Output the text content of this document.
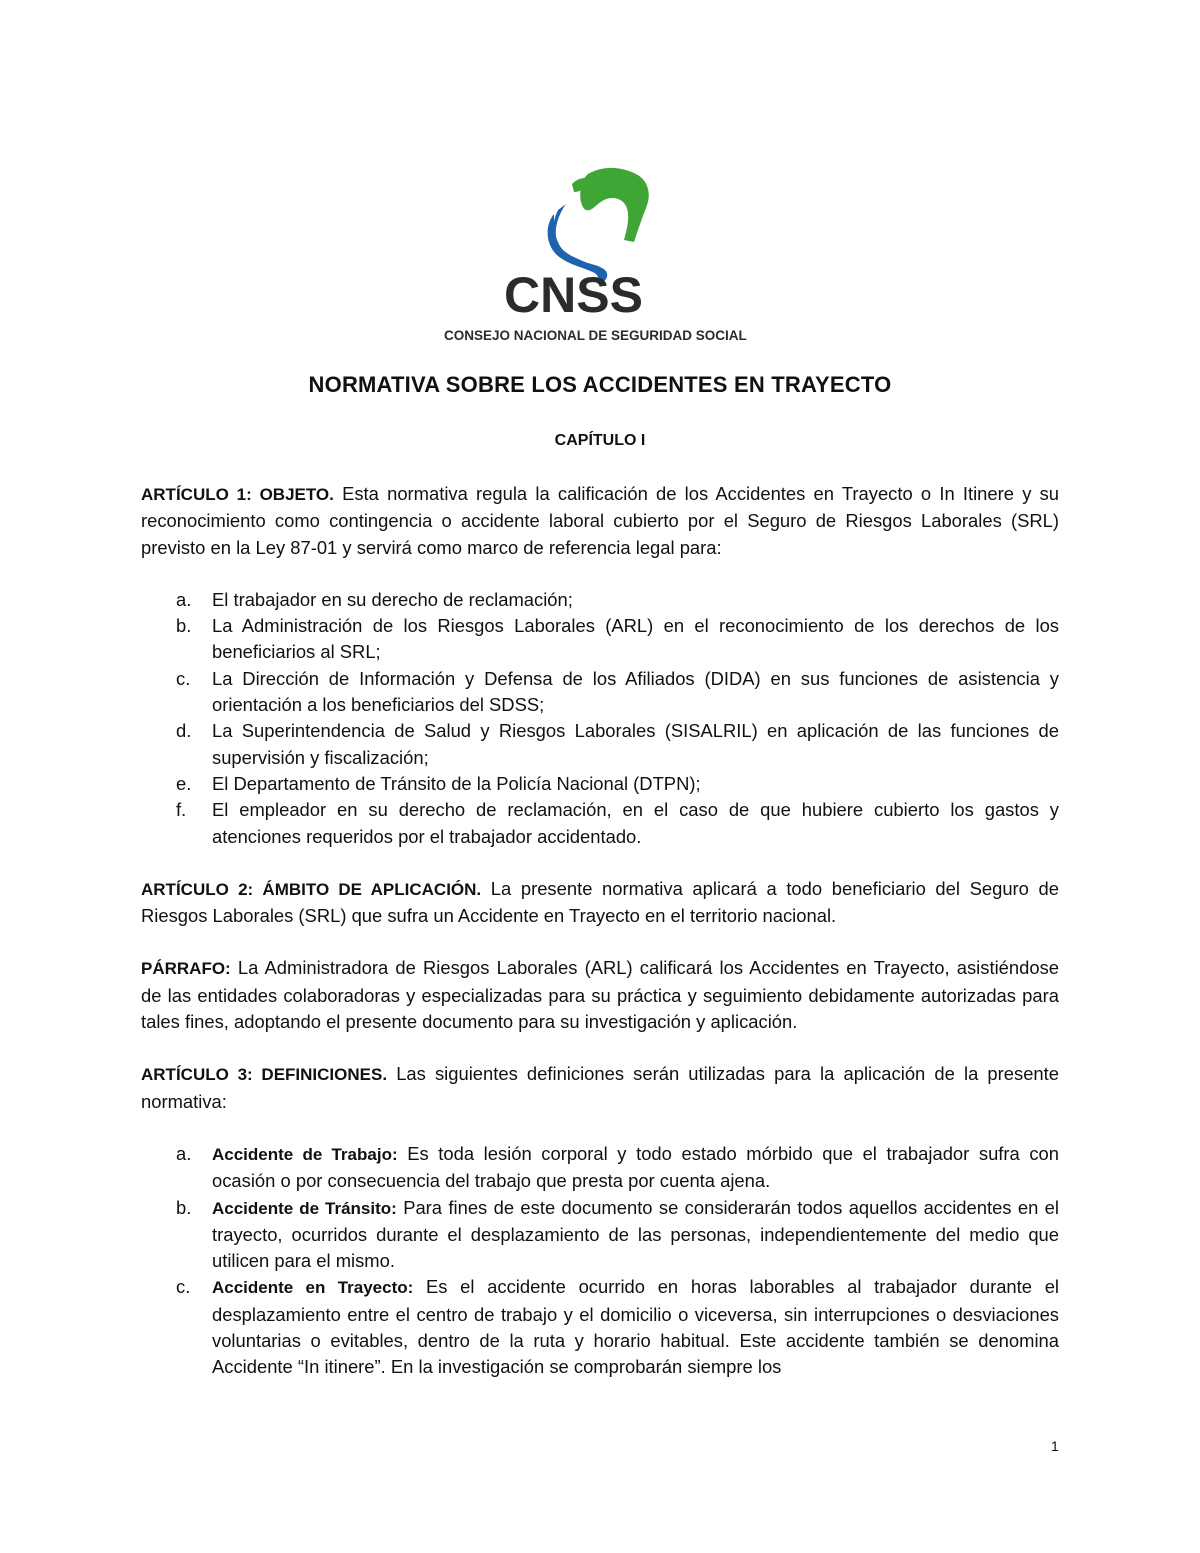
CNSS
CONSEJO NACIONAL DE SEGURIDAD SOCIAL
NORMATIVA SOBRE LOS ACCIDENTES EN TRAYECTO
CAPÍTULO I

ARTÍCULO 1: OBJETO. Esta normativa regula la calificación de los Accidentes en Trayecto o In Itinere y su reconocimiento como contingencia o accidente laboral cubierto por el Seguro de Riesgos Laborales (SRL) previsto en la Ley 87-01 y servirá como marco de referencia legal para:

a. El trabajador en su derecho de reclamación;
b. La Administración de los Riesgos Laborales (ARL) en el reconocimiento de los derechos de los beneficiarios al SRL;
c. La Dirección de Información y Defensa de los Afiliados (DIDA) en sus funciones de asistencia y orientación a los beneficiarios del SDSS;
d. La Superintendencia de Salud y Riesgos Laborales (SISALRIL) en aplicación de las funciones de supervisión y fiscalización;
e. El Departamento de Tránsito de la Policía Nacional (DTPN);
f. El empleador en su derecho de reclamación, en el caso de que hubiere cubierto los gastos y atenciones requeridos por el trabajador accidentado.

ARTÍCULO 2: ÁMBITO DE APLICACIÓN. La presente normativa aplicará a todo beneficiario del Seguro de Riesgos Laborales (SRL) que sufra un Accidente en Trayecto en el territorio nacional.

PÁRRAFO: La Administradora de Riesgos Laborales (ARL) calificará los Accidentes en Trayecto, asistiéndose de las entidades colaboradoras y especializadas para su práctica y seguimiento debidamente autorizadas para tales fines, adoptando el presente documento para su investigación y aplicación.

ARTÍCULO 3: DEFINICIONES. Las siguientes definiciones serán utilizadas para la aplicación de la presente normativa:

a. Accidente de Trabajo: Es toda lesión corporal y todo estado mórbido que el trabajador sufra con ocasión o por consecuencia del trabajo que presta por cuenta ajena.
b. Accidente de Tránsito: Para fines de este documento se considerarán todos aquellos accidentes en el trayecto, ocurridos durante el desplazamiento de las personas, independientemente del medio que utilicen para el mismo.
c. Accidente en Trayecto: Es el accidente ocurrido en horas laborables al trabajador durante el desplazamiento entre el centro de trabajo y el domicilio o viceversa, sin interrupciones o desviaciones voluntarias o evitables, dentro de la ruta y horario habitual. Este accidente también se denomina Accidente “In itinere”. En la investigación se comprobarán siempre los
1
